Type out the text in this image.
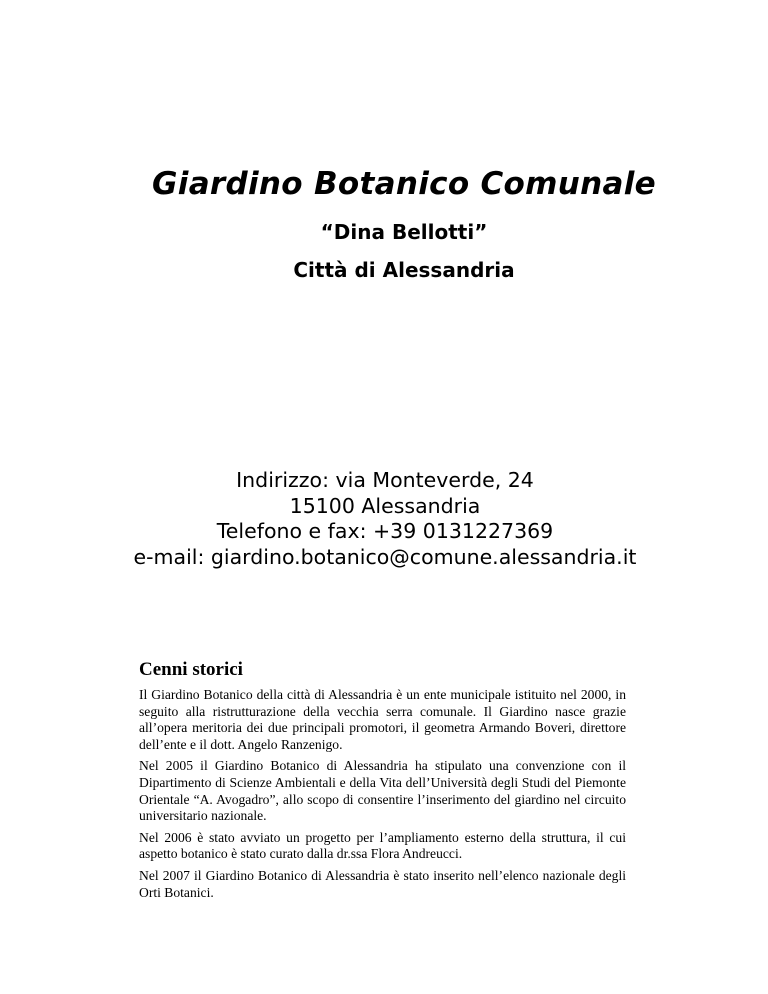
Giardino Botanico Comunale
“Dina Bellotti”
Città di Alessandria
Indirizzo: via Monteverde, 24
15100 Alessandria
Telefono e fax: +39 0131227369
e-mail: giardino.botanico@comune.alessandria.it
Cenni storici

Il Giardino Botanico della città di Alessandria è un ente municipale istituito nel 2000, in seguito alla ristrutturazione della vecchia serra comunale. Il Giardino nasce grazie all’opera meritoria dei due principali promotori, il geometra Armando Boveri, direttore dell’ente e il dott. Angelo Ranzenigo.

Nel 2005 il Giardino Botanico di Alessandria ha stipulato una convenzione con il Dipartimento di Scienze Ambientali e della Vita dell’Università degli Studi del Piemonte Orientale “A. Avogadro”, allo scopo di consentire l’inserimento del giardino nel circuito universitario nazionale.

Nel 2006 è stato avviato un progetto per l’ampliamento esterno della struttura, il cui aspetto botanico è stato curato dalla dr.ssa Flora Andreucci.

Nel 2007 il Giardino Botanico di Alessandria è stato inserito nell’elenco nazionale degli Orti Botanici.
